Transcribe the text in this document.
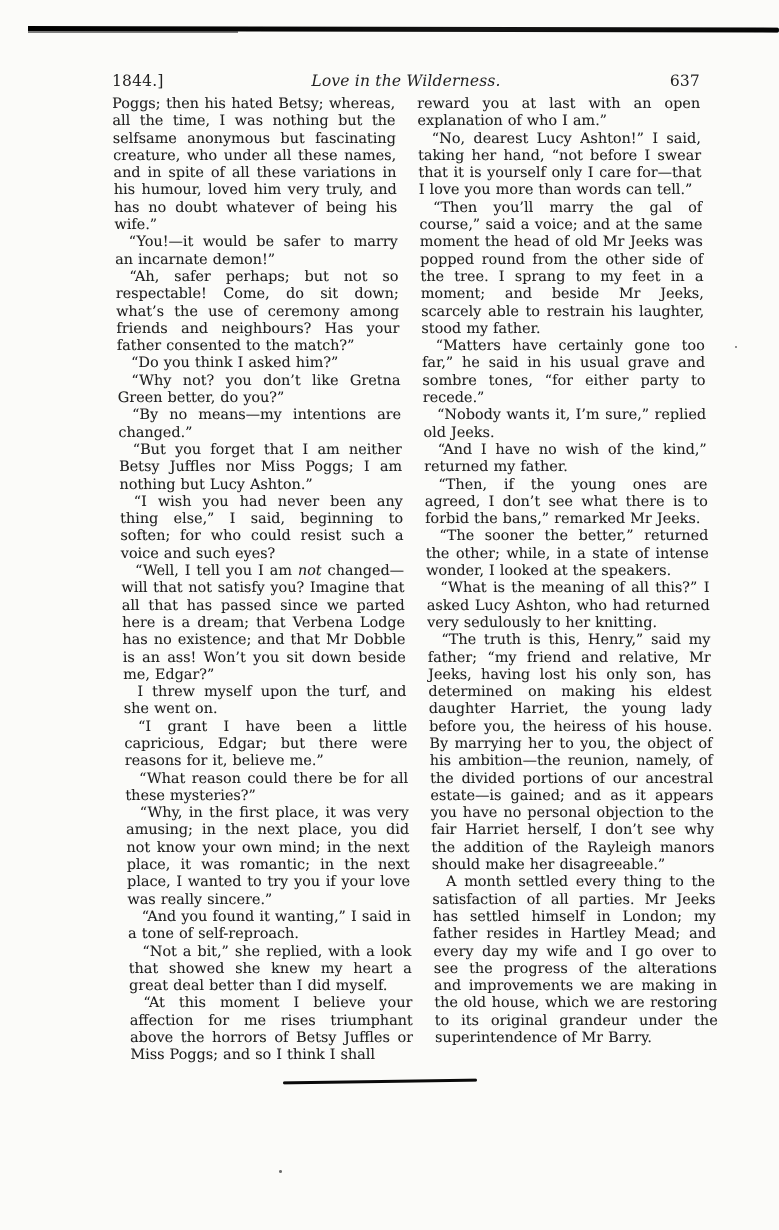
1844.]	Love in the Wilderness.	637

Poggs; then his hated Betsy; whereas, all the time, I was nothing but the selfsame anonymous but fascinating creature, who under all these names, and in spite of all these variations in his humour, loved him very truly, and has no doubt whatever of being his wife.”

“You!—it would be safer to marry an incarnate demon!”

“Ah, safer perhaps; but not so respectable! Come, do sit down; what’s the use of ceremony among friends and neighbours? Has your father consented to the match?”

“Do you think I asked him?”

“Why not? you don’t like Gretna Green better, do you?”

“By no means—my intentions are changed.”

“But you forget that I am neither Betsy Juffles nor Miss Poggs; I am nothing but Lucy Ashton.”

“I wish you had never been any thing else,” I said, beginning to soften; for who could resist such a voice and such eyes?

“Well, I tell you I am not changed—will that not satisfy you? Imagine that all that has passed since we parted here is a dream; that Verbena Lodge has no existence; and that Mr Dobble is an ass! Won’t you sit down beside me, Edgar?”

I threw myself upon the turf, and she went on.

“I grant I have been a little capricious, Edgar; but there were reasons for it, believe me.”

“What reason could there be for all these mysteries?”

“Why, in the first place, it was very amusing; in the next place, you did not know your own mind; in the next place, it was romantic; in the next place, I wanted to try you if your love was really sincere.”

“And you found it wanting,” I said in a tone of self-reproach.

“Not a bit,” she replied, with a look that showed she knew my heart a great deal better than I did myself.

“At this moment I believe your affection for me rises triumphant above the horrors of Betsy Juffles or Miss Poggs; and so I think I shall

reward you at last with an open explanation of who I am.”

“No, dearest Lucy Ashton!” I said, taking her hand, “not before I swear that it is yourself only I care for—that I love you more than words can tell.”

“Then you’ll marry the gal of course,” said a voice; and at the same moment the head of old Mr Jeeks was popped round from the other side of the tree. I sprang to my feet in a moment; and beside Mr Jeeks, scarcely able to restrain his laughter, stood my father.

“Matters have certainly gone too far,” he said in his usual grave and sombre tones, “for either party to recede.”

“Nobody wants it, I’m sure,” replied old Jeeks.

“And I have no wish of the kind,” returned my father.

“Then, if the young ones are agreed, I don’t see what there is to forbid the bans,” remarked Mr Jeeks.

“The sooner the better,” returned the other; while, in a state of intense wonder, I looked at the speakers.

“What is the meaning of all this?” I asked Lucy Ashton, who had returned very sedulously to her knitting.

“The truth is this, Henry,” said my father; “my friend and relative, Mr Jeeks, having lost his only son, has determined on making his eldest daughter Harriet, the young lady before you, the heiress of his house. By marrying her to you, the object of his ambition—the reunion, namely, of the divided portions of our ancestral estate—is gained; and as it appears you have no personal objection to the fair Harriet herself, I don’t see why the addition of the Rayleigh manors should make her disagreeable.”

A month settled every thing to the satisfaction of all parties. Mr Jeeks has settled himself in London; my father resides in Hartley Mead; and every day my wife and I go over to see the progress of the alterations and improvements we are making in the old house, which we are restoring to its original grandeur under the superintendence of Mr Barry.
